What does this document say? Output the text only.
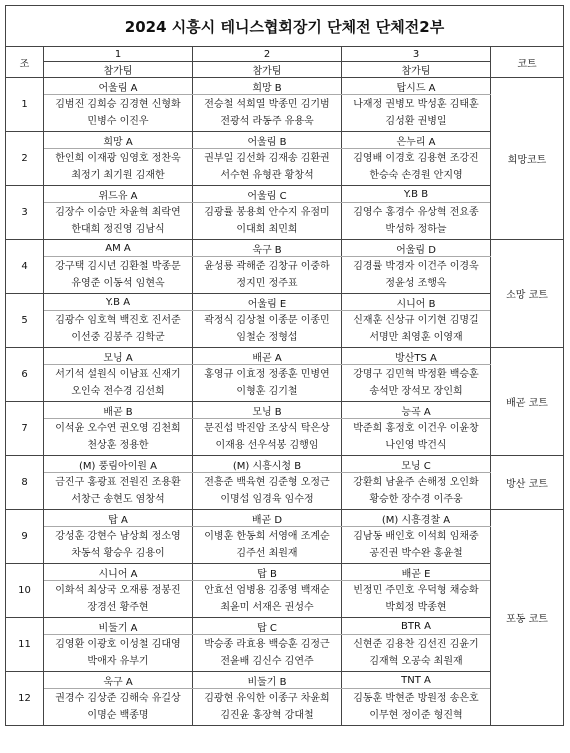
2024 시흥시 테니스협회장기 단체전 단체전2부				
조	1	2	3	코트
	참가팀	참가팀	참가팀	
1	어울림 A	희망 B	탑시드 A	희망코트
	김범진 김희승 김경현 신형화 민병수 이진우	전승철 석희열 박종민 김기범 전광석 라동주 유용욱	나재정 권병모 박성훈 김태훈 김성환 권병일	
2	희망 A	어울림 B	은누리 A	
	한인희 이재광 임영호 정찬욱 최정기 최기원 김재한	권부일 김선화 김재송 김환권 서수현 유형관 황창석	김영배 이경호 김용현 조강진 한승숙 손경원 안지영	
3	위드유 A	어울림 C	Y.B B	
	김장수 이승만 차윤혁 최락연 한대희 정진영 김남식	김광률 봉용희 안수지 유점미 이대희 최민희	김영수 홍경수 유상혁 전요종 박성하 정하늘	
4	AM A	욱구 B	어울림 D	소망 코트
	강구택 김시년 김환철 박종문 유영준 이동석 임현옥	윤성룡 곽해준 김창규 이중하 정지민 정주표	김경률 박경자 이건주 이경욱 정윤성 조행옥	
5	Y.B A	어울림 E	시니어 B	
	김광수 임호혁 백진호 진서준 이선중 김봉주 김학군	곽정식 김상철 이종문 이종민 임철순 정형섭	신재훈 신상규 이기현 김명길 서명만 최영훈 이영재	
6	모닝 A	배곧 A	방산TS A	배곧 코트
	서기석 설원식 이남표 신재기 오인숙 전수경 김선희	홍영규 이효정 정종훈 민병연 이형훈 김기철	강명구 김민혁 박정환 백승훈 송석만 장석모 장인희	
7	배곧 B	모닝 B	능곡 A	
	이석윤 오수연 권오영 김천희 천상훈 정용한	문진섭 박진암 조상식 탁은상 이재용 선우석봉 김행임	박준희 홍정호 이건우 이윤창 나인영 박건식	
8	(M) 풍림아이원 A	(M) 시흥시청 B	모닝 C	방산 코트
	금진구 홍광표 전원진 조용환 서창근 송현도 염창석	전흥준 백육현 김준형 오정근 이명섭 임경육 임수정	강환희 남윤주 손해정 오인화 황승한 장수경 이주웅	
9	탑 A	배곧 D	(M) 시흥경찰 A	포동 코트
	강성훈 강현수 남상희 정소영 차동석 황승우 김용이	이병훈 한동희 서영애 조계순 김주선 최원재	김남동 배인호 이석희 임채중 공진권 박수완 홍윤철	
10	시니어 A	탑 B	배곧 E	
	이화석 최상국 오재룡 정봉진 장경선 황주현	안효선 엄병용 김종영 백재순 최윤미 서재은 권성수	빈정민 주민호 우덕형 채승화 박희정 박종현	
11	비둘기 A	탑 C	BTR A	
	김영환 이광호 이성철 김대영 박애자 유부기	박승종 라효용 백승훈 김정근 전윤배 김신수 김연주	신현준 김용찬 김선진 김윤기 김재혁 오공숙 최원재	
12	욱구 A	비둘기 B	TNT A	
	권경수 김상준 김해숙 유길상 이명순 백종명	김광현 유익한 이종구 차윤희 김진윤 홍장혁 강대철	김동훈 박현준 방원정 송은호 이무현 정이준 형진혁	
